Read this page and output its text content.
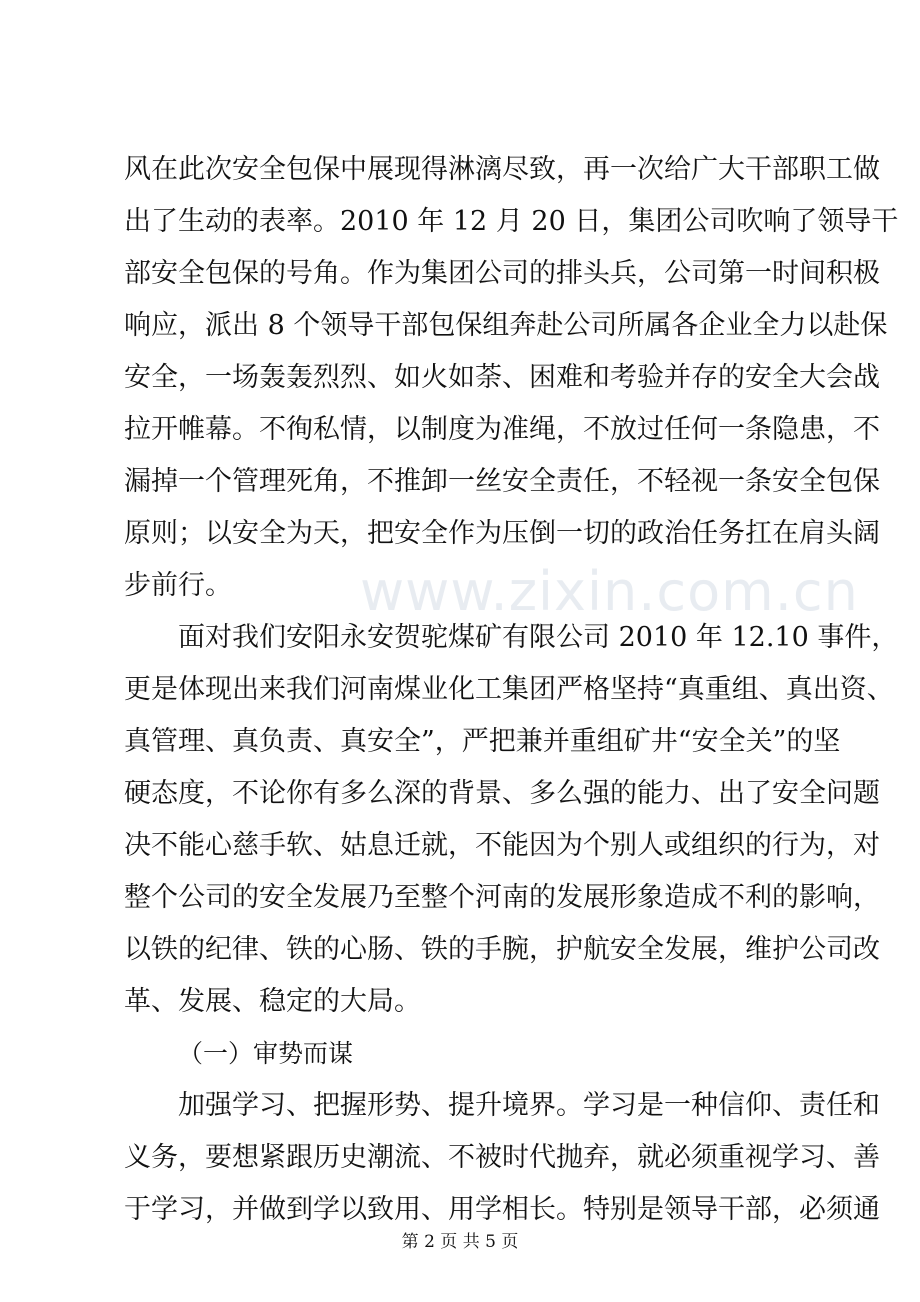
www.zixin.com.cn
风在此次安全包保中展现得淋漓尽致，再一次给广大干部职工做
出了生动的表率。2010 年 12 月 20 日，集团公司吹响了领导干
部安全包保的号角。作为集团公司的排头兵，公司第一时间积极
响应，派出 8 个领导干部包保组奔赴公司所属各企业全力以赴保
安全，一场轰轰烈烈、如火如荼、困难和考验并存的安全大会战
拉开帷幕。不徇私情，以制度为准绳，不放过任何一条隐患，不
漏掉一个管理死角，不推卸一丝安全责任，不轻视一条安全包保
原则；以安全为天，把安全作为压倒一切的政治任务扛在肩头阔
步前行。
面对我们安阳永安贺驼煤矿有限公司 2010 年 12.10 事件，
更是体现出来我们河南煤业化工集团严格坚持“真重组、真出资、
真管理、真负责、真安全”，严把兼并重组矿井“安全关”的坚
硬态度，不论你有多么深的背景、多么强的能力、出了安全问题
决不能心慈手软、姑息迁就，不能因为个别人或组织的行为，对
整个公司的安全发展乃至整个河南的发展形象造成不利的影响，
以铁的纪律、铁的心肠、铁的手腕，护航安全发展，维护公司改
革、发展、稳定的大局。
（一）审势而谋
加强学习、把握形势、提升境界。学习是一种信仰、责任和
义务，要想紧跟历史潮流、不被时代抛弃，就必须重视学习、善
于学习，并做到学以致用、用学相长。特别是领导干部，必须通
第 2 页 共 5 页
